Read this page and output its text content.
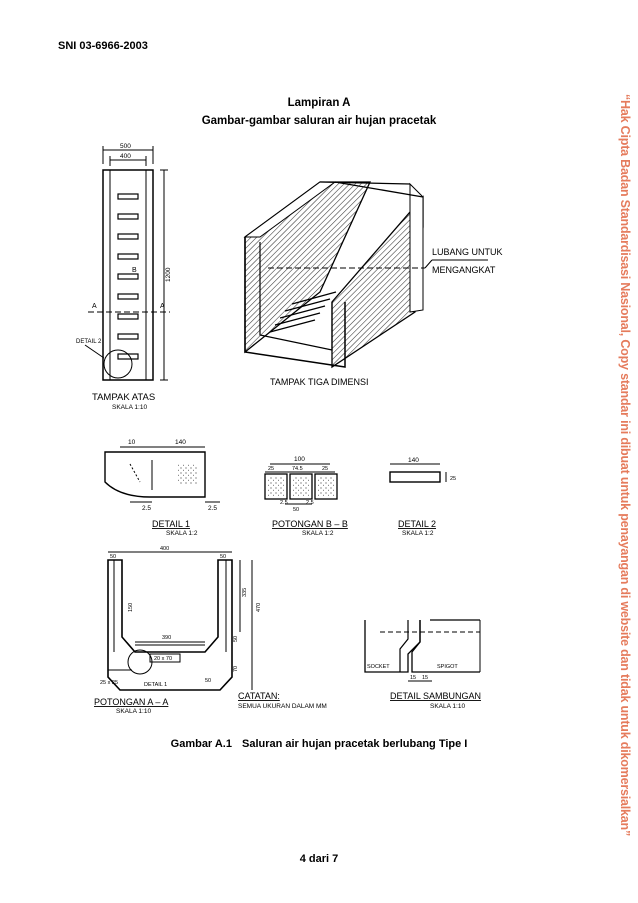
SNI 03-6966-2003
Lampiran A
Gambar-gambar saluran air hujan pracetak
500
400
1200
A	A
B
DETAIL 2
TAMPAK ATAS
SKALA 1:10
TAMPAK TIGA DIMENSI
LUBANG UNTUK
MENGANGKAT
10	140
2.5	2.5
DETAIL 1
SKALA 1:2
100
25	74.5	25
2.5	2.5
50
POTONGAN B – B
SKALA 1:2
140
25
DETAIL 2
SKALA 1:2
50
400
50
470
335
390
20 x 70
25 x 25
50
70
150
50
DETAIL 1
POTONGAN A – A
SKALA 1:10
CATATAN:
SEMUA UKURAN DALAM MM
SOCKET	SPIGOT
15 15
DETAIL SAMBUNGAN
SKALA 1:10
Gambar A.1 Saluran air hujan pracetak berlubang Tipe I
4 dari 7
“Hak Cipta Badan Standardisasi Nasional, Copy standar ini dibuat untuk penayangan di website dan tidak untuk dikomersialkan”
